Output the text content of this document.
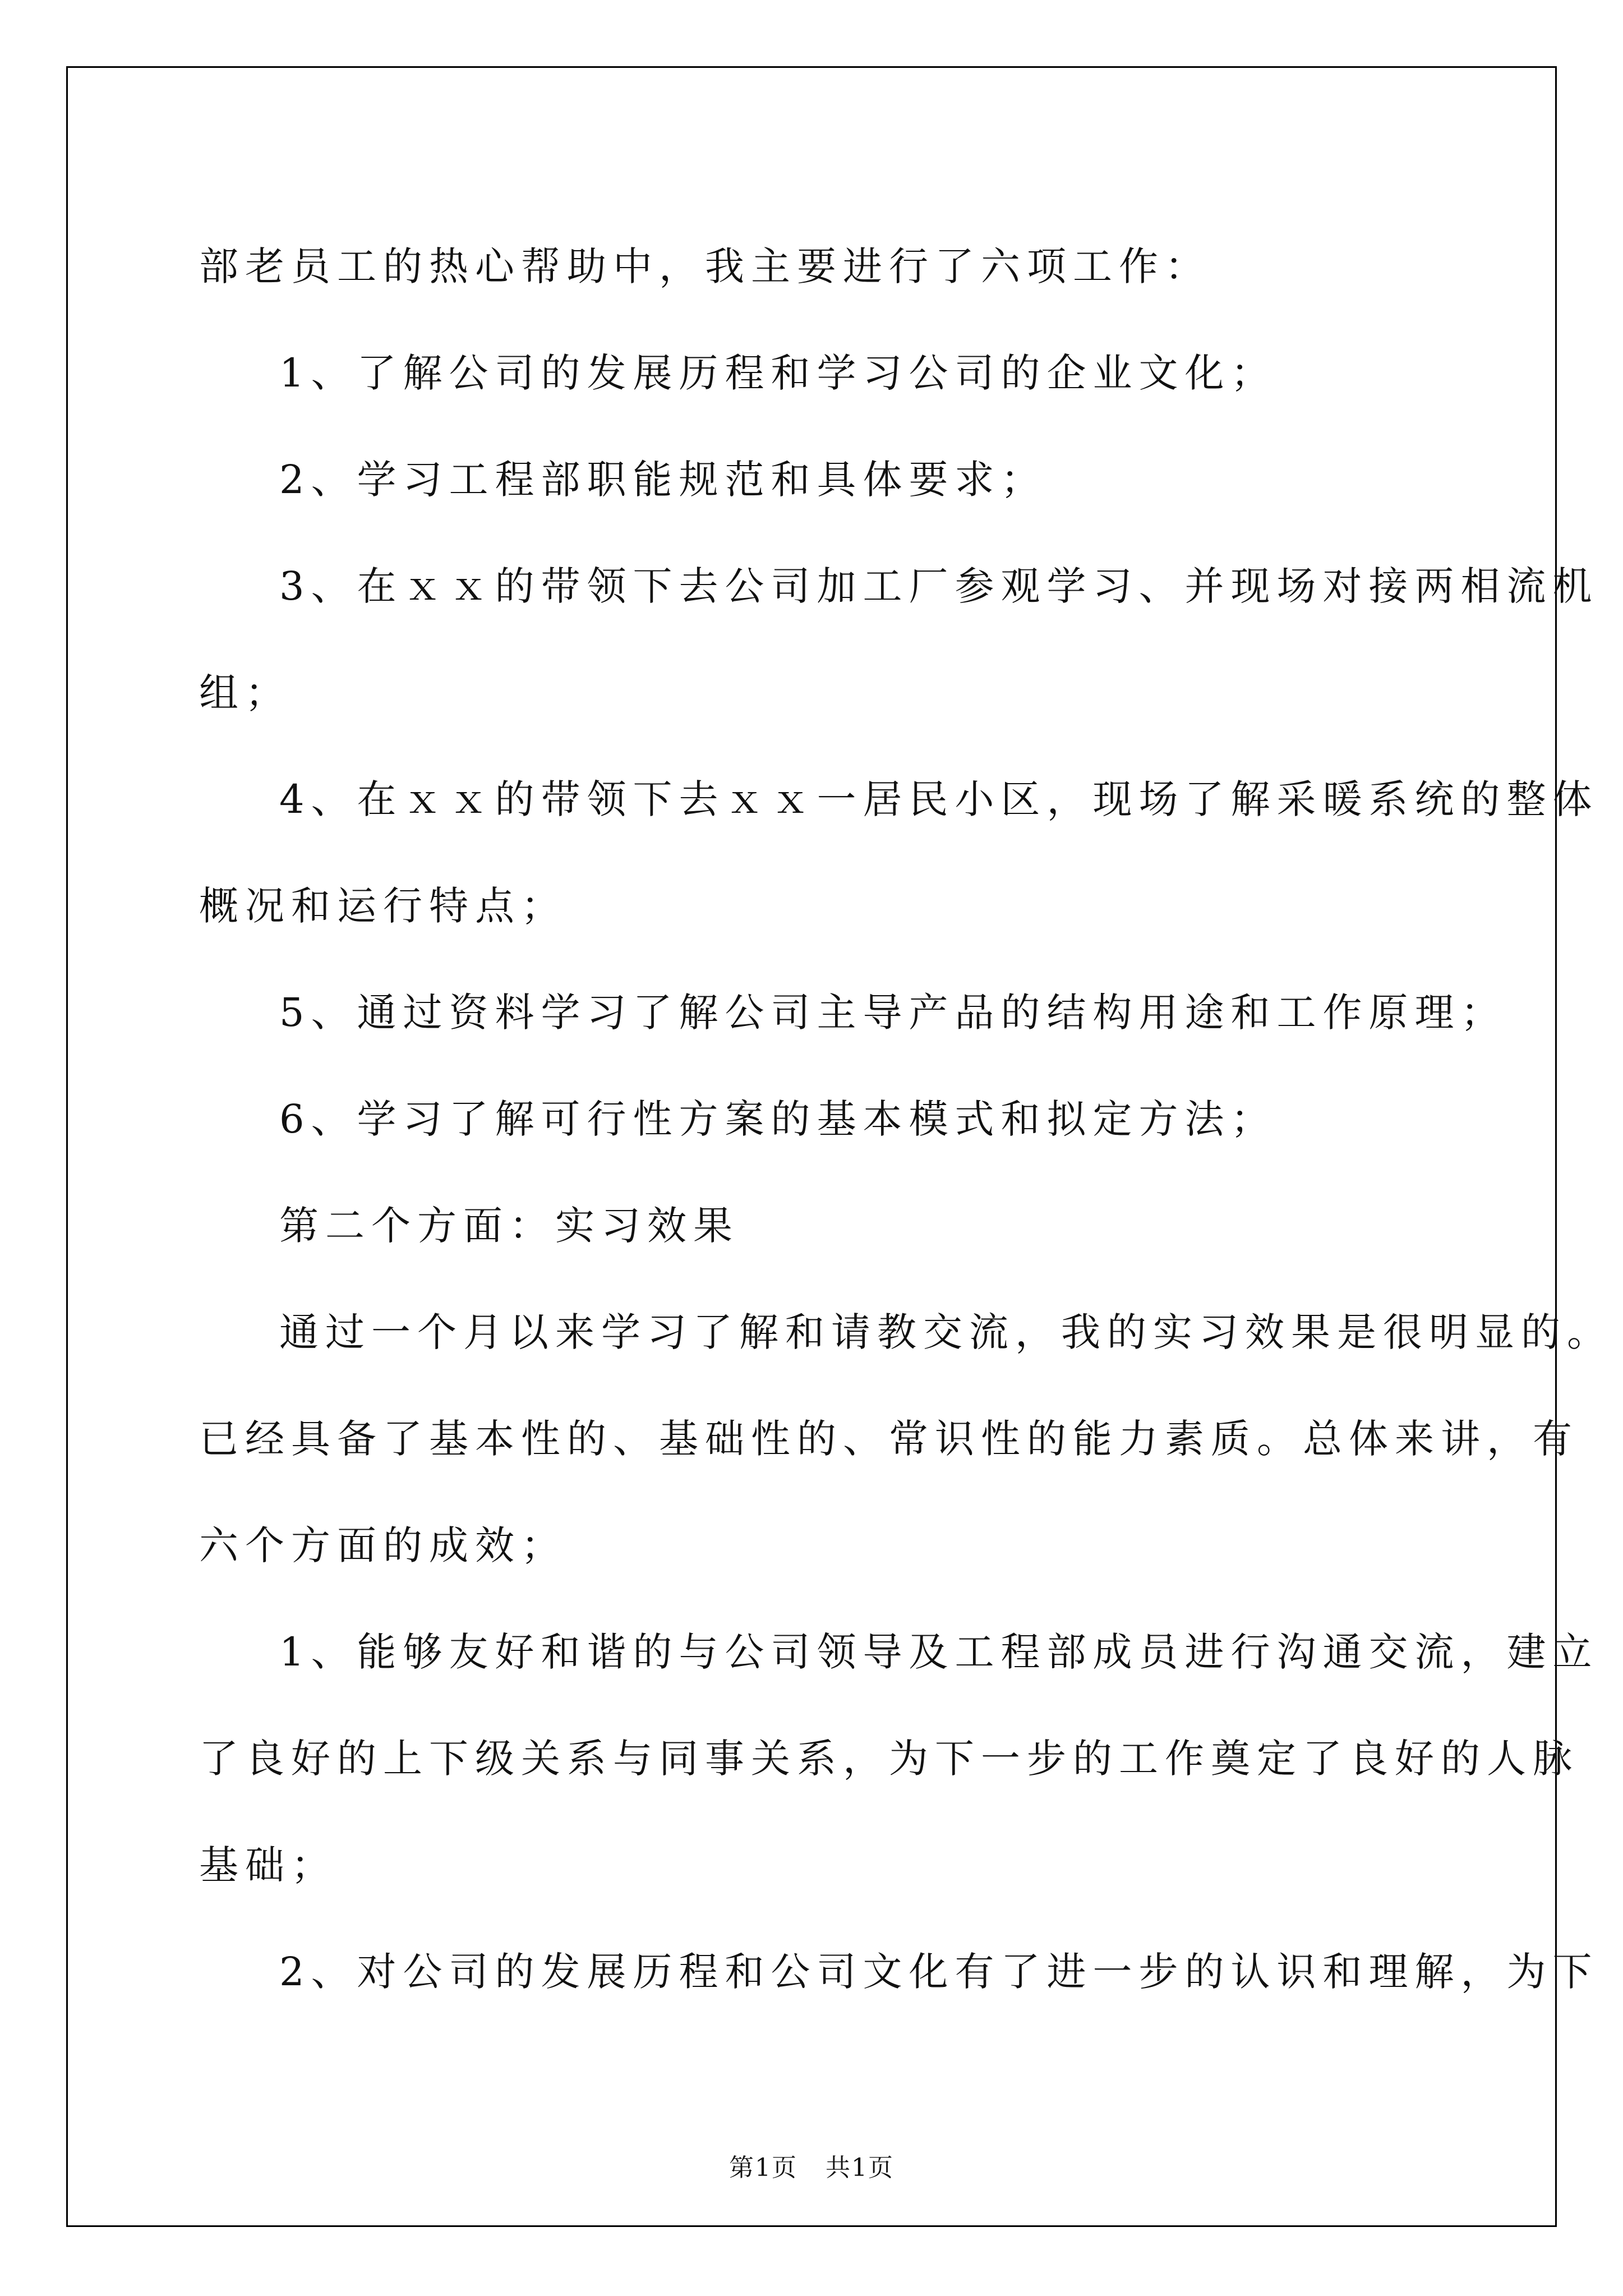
部老员工的热心帮助中，我主要进行了六项工作：

1、了解公司的发展历程和学习公司的企业文化；

2、学习工程部职能规范和具体要求；

3、在ｘｘ的带领下去公司加工厂参观学习、并现场对接两相流机

组；

4、在ｘｘ的带领下去ｘｘ一居民小区，现场了解采暖系统的整体

概况和运行特点；

5、通过资料学习了解公司主导产品的结构用途和工作原理；

6、学习了解可行性方案的基本模式和拟定方法；

第二个方面：实习效果

通过一个月以来学习了解和请教交流，我的实习效果是很明显的。

已经具备了基本性的、基础性的、常识性的能力素质。总体来讲，有

六个方面的成效；

1、能够友好和谐的与公司领导及工程部成员进行沟通交流，建立

了良好的上下级关系与同事关系，为下一步的工作奠定了良好的人脉

基础；

2、对公司的发展历程和公司文化有了进一步的认识和理解，为下

第1页 共1页
